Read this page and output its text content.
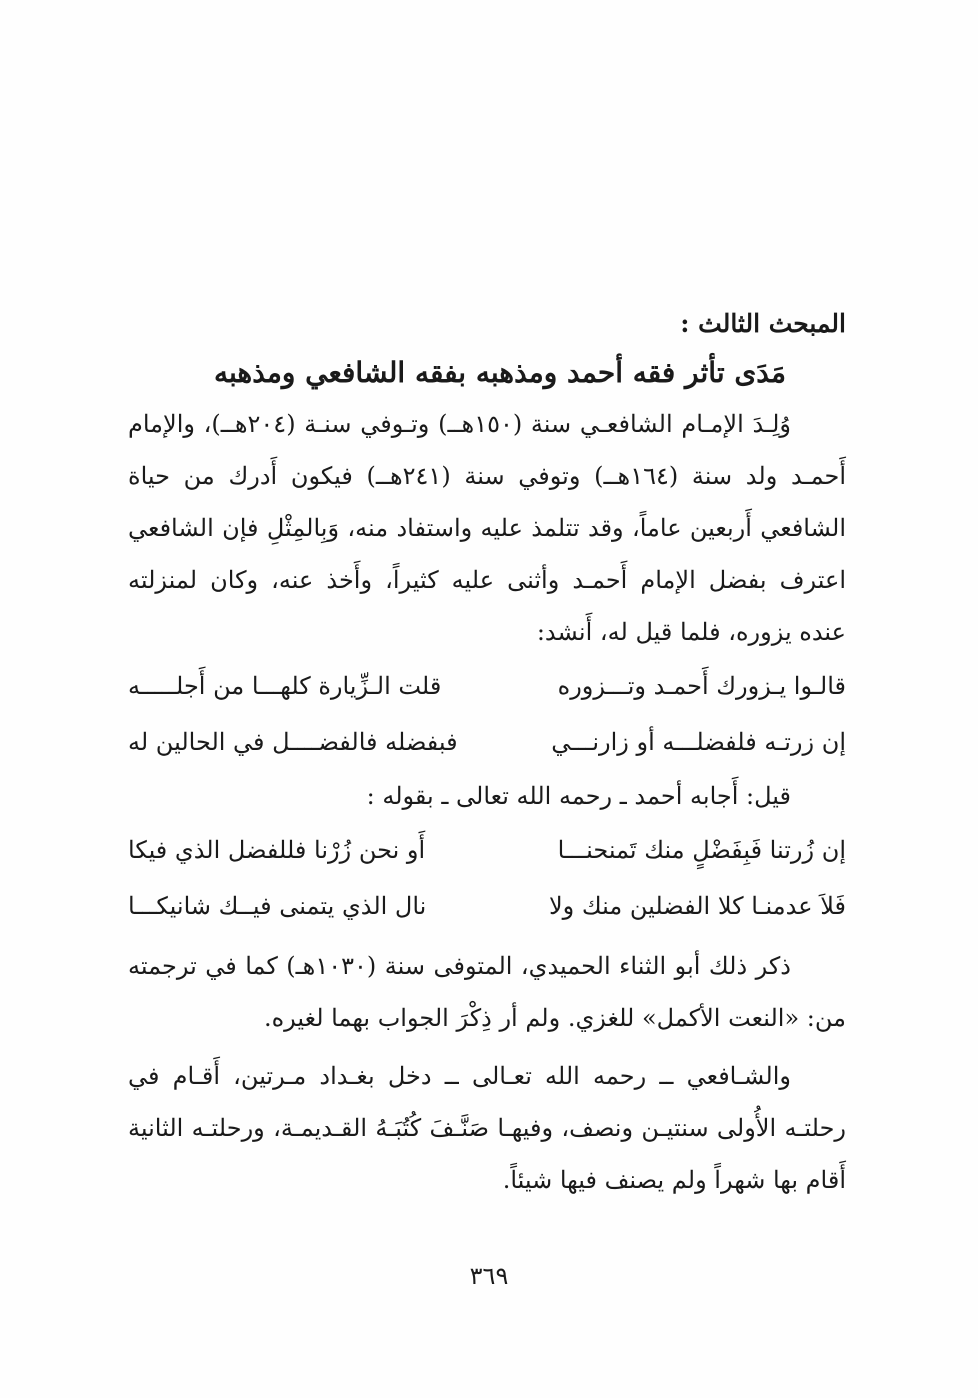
المبحث الثالث :

مَدَى تأثر فقه أحمد ومذهبه بفقه الشافعي ومذهبه

وُلِـدَ الإمـام الشافعـي سنة (١٥٠هــ) وتـوفي سنـة (٢٠٤هــ)، والإمام أَحمـد ولد سنة (١٦٤هــ) وتوفي سنة (٢٤١هــ) فيكون أَدرك من حياة الشافعي أَربعين عاماً، وقد تتلمذ عليه واستفاد منه، وَبِالمِثْلِ فإن الشافعي اعترف بفضل الإمام أَحمـد وأثنى عليه كثيراً، وأَخذ عنه، وكان لمنزلته عنده يزوره، فلما قيل له، أَنشد:

قالـوا يـزورك أَحمـد وتـــزوره
قلت الـزِّيارة كلهـــا من أَجلـــــه
إن زرتـه فلفضلـــه أو زارنـــي
فبفضله فالفضــــل في الحالين له

قيل: أَجابه أحمد ـ رحمه الله تعالى ـ بقوله :

إن زُرتنا فَبِفَضْلٍ منك تَمنحنـــا
أَو نحن زُرْنا فللفضل الذي فيكا
فَلاَ عدمنـا كلا الفضلين منك ولا
نال الذي يتمنى فيــك شانيكـــا

ذكر ذلك أبو الثناء الحميدي، المتوفى سنة (١٠٣٠هـ) كما في ترجمته من: «النعت الأكمل» للغزي. ولم أر ذِكْرَ الجواب بهما لغيره.

والشـافعي ــ رحمه الله تعـالى ــ دخل بغـداد مـرتين، أَقـام في رحلتـه الأُولى سنتيـن ونصف، وفيهـا صَنَّـفَ كُتُبَـهُ القـديمـة، ورحلتـه الثانية أَقام بها شهراً ولم يصنف فيها شيئاً.

٣٦٩
